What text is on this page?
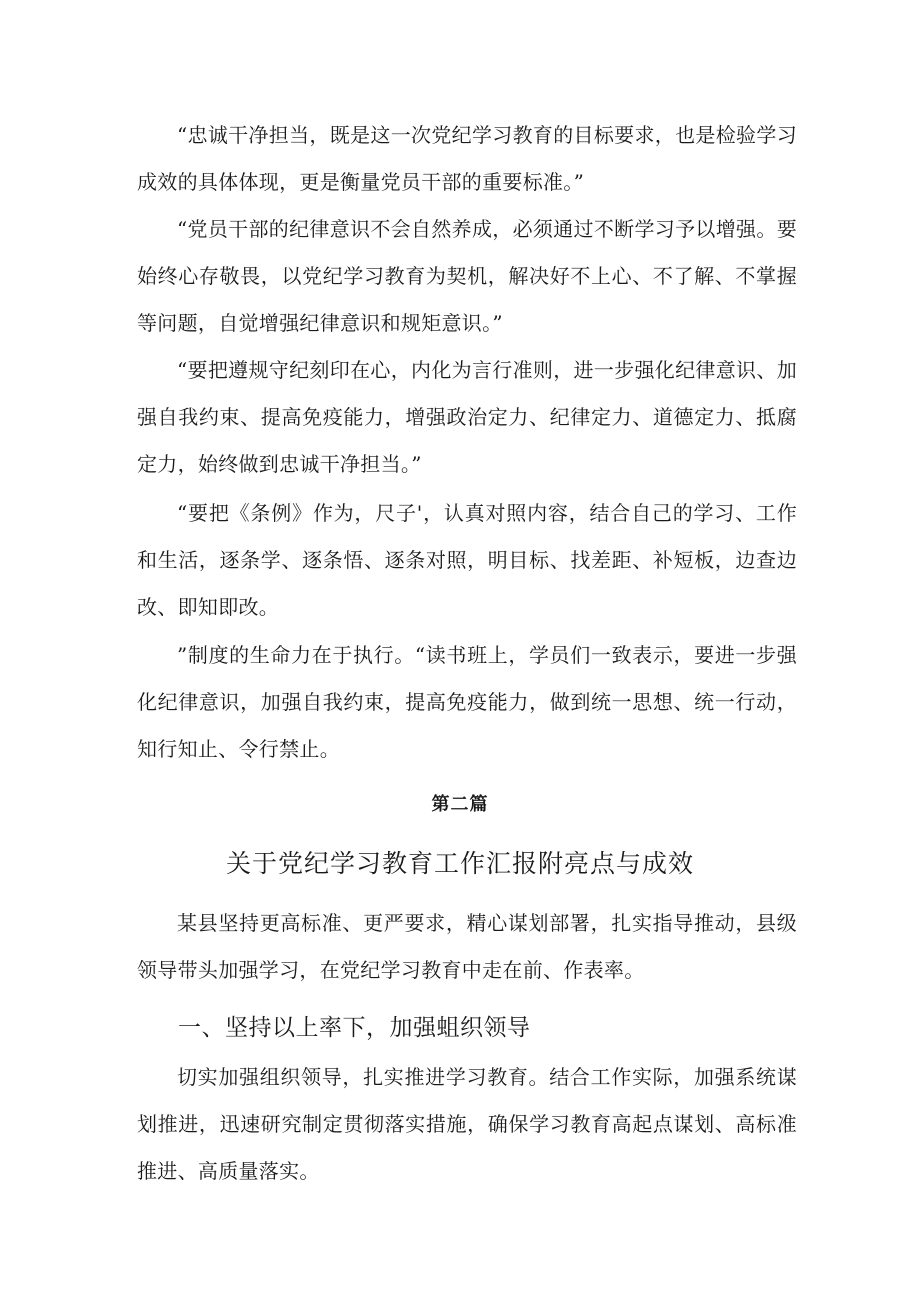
“忠诚干净担当，既是这一次党纪学习教育的目标要求，也是检验学习成效的具体体现，更是衡量党员干部的重要标准。”

“党员干部的纪律意识不会自然养成，必须通过不断学习予以增强。要始终心存敬畏，以党纪学习教育为契机，解决好不上心、不了解、不掌握等问题，自觉增强纪律意识和规矩意识。”

“要把遵规守纪刻印在心，内化为言行准则，进一步强化纪律意识、加强自我约束、提高免疫能力，增强政治定力、纪律定力、道德定力、抵腐定力，始终做到忠诚干净担当。”

“要把《条例》作为，尺子'，认真对照内容，结合自己的学习、工作和生活，逐条学、逐条悟、逐条对照，明目标、找差距、补短板，边查边改、即知即改。

”制度的生命力在于执行。“读书班上，学员们一致表示，要进一步强化纪律意识，加强自我约束，提高免疫能力，做到统一思想、统一行动，知行知止、令行禁止。

第二篇

关于党纪学习教育工作汇报附亮点与成效

某县坚持更高标准、更严要求，精心谋划部署，扎实指导推动，县级领导带头加强学习，在党纪学习教育中走在前、作表率。

一、坚持以上率下，加强蛆织领导

切实加强组织领导，扎实推进学习教育。结合工作实际，加强系统谋划推进，迅速研究制定贯彻落实措施，确保学习教育高起点谋划、高标准推进、高质量落实。
